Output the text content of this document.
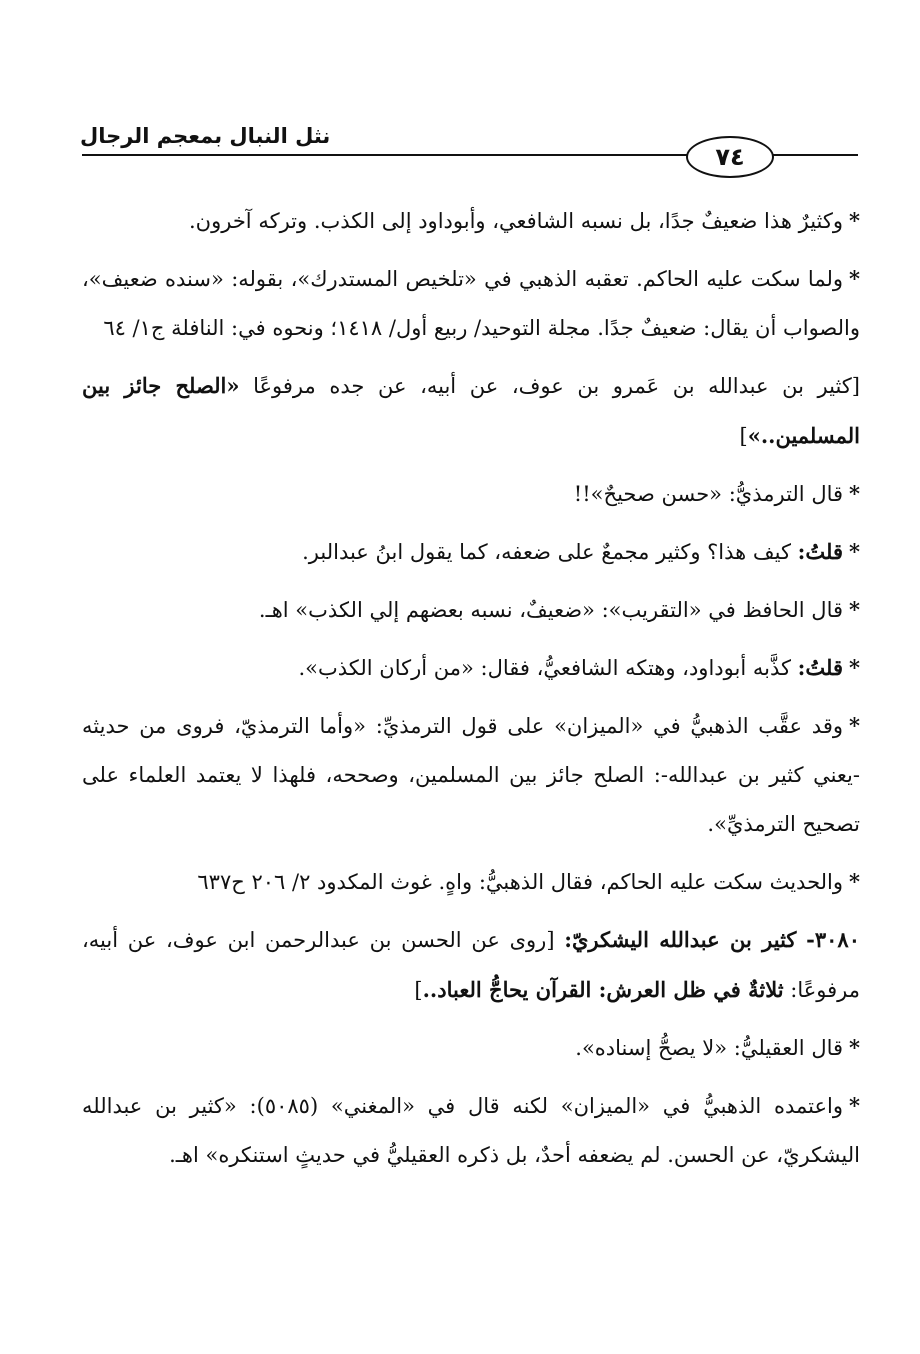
نثل النبال بمعجم الرجال
٧٤

*وكثيرٌ هذا ضعيفٌ جدًا، بل نسبه الشافعي، وأبوداود إلى الكذب. وتركه آخرون.

*ولما سكت عليه الحاكم. تعقبه الذهبي في «تلخيص المستدرك»، بقوله: «سنده ضعيف»، والصواب أن يقال: ضعيفٌ جدًا. مجلة التوحيد/ ربيع أول/ ١٤١٨؛ ونحوه في: النافلة ج١/ ٦٤

[كثير بن عبدالله بن عَمرو بن عوف، عن أبيه، عن جده مرفوعًا «الصلح جائز بين المسلمين..»]

*قال الترمذيُّ: «حسن صحيحٌ»!!

*قلتُ: كيف هذا؟ وكثير مجمعٌ على ضعفه، كما يقول ابنُ عبدالبر.

*قال الحافظ في «التقريب»: «ضعيفٌ، نسبه بعضهم إلي الكذب» اهـ.

*قلتُ: كذَّبه أبوداود، وهتكه الشافعيُّ، فقال: «من أركان الكذب».

*وقد عقَّب الذهبيُّ في «الميزان» على قول الترمذيِّ: «وأما الترمذيّ، فروى من حديثه -يعني كثير بن عبدالله-: الصلح جائز بين المسلمين، وصححه، فلهذا لا يعتمد العلماء على تصحيح الترمذيِّ».

*والحديث سكت عليه الحاكم، فقال الذهبيُّ: واهٍ. غوث المكدود ٢/ ٢٠٦ ح٦٣٧

٣٠٨٠- كثير بن عبدالله اليشكريّ: [روى عن الحسن بن عبدالرحمن ابن عوف، عن أبيه، مرفوعًا: ثلاثةٌ في ظل العرش: القرآن يحاجُّ العباد..]

*قال العقيليُّ: «لا يصحُّ إسناده».

*واعتمده الذهبيُّ في «الميزان» لكنه قال في «المغني» (٥٠٨٥): «كثير بن عبدالله اليشكريّ، عن الحسن. لم يضعفه أحدٌ، بل ذكره العقيليُّ في حديثٍ استنكره» اهـ.
